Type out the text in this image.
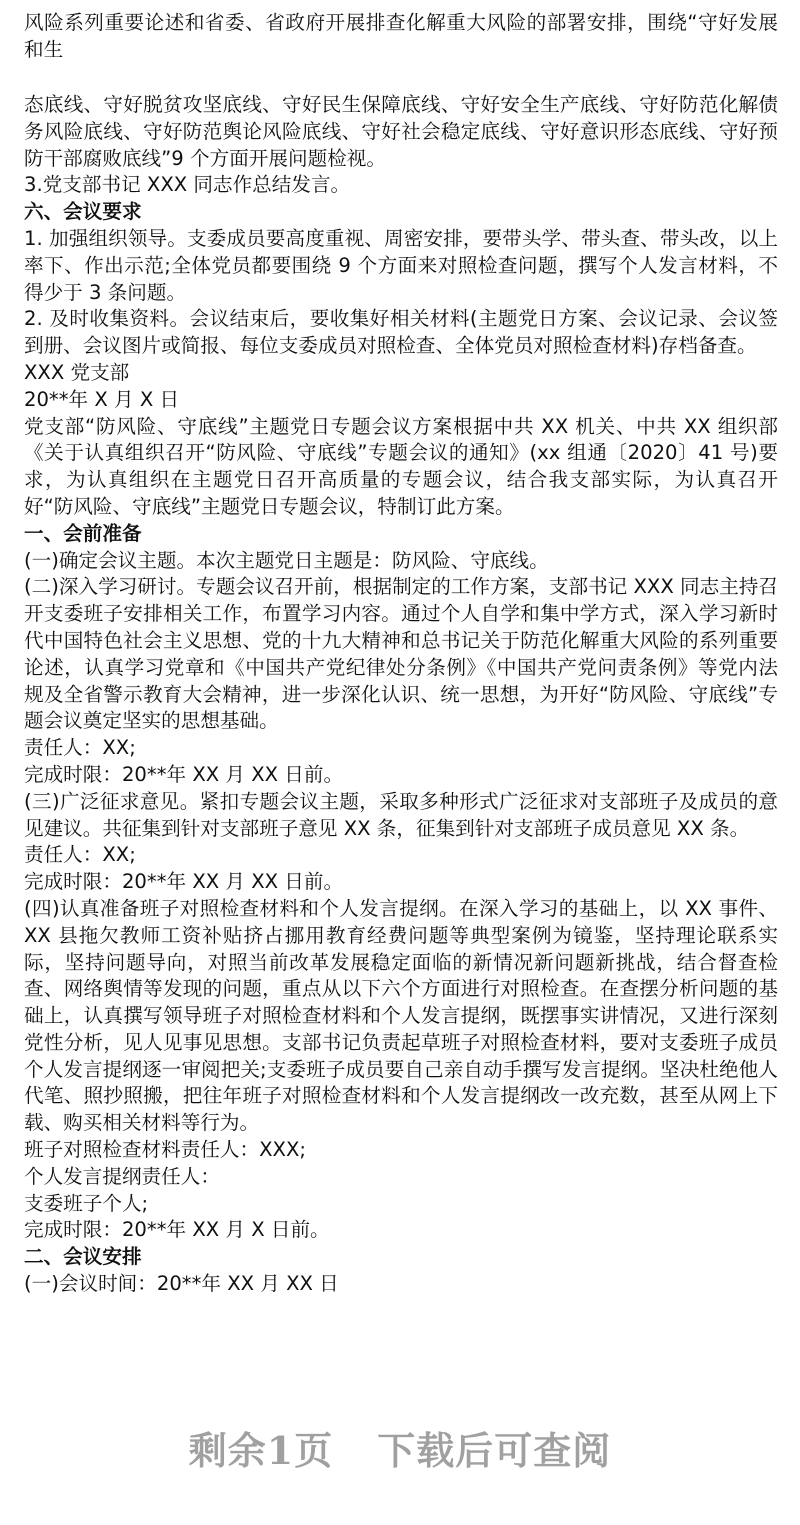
风险系列重要论述和省委、省政府开展排查化解重大风险的部署安排，围绕“守好发展和生

态底线、守好脱贫攻坚底线、守好民生保障底线、守好安全生产底线、守好防范化解债务风险底线、守好防范舆论风险底线、守好社会稳定底线、守好意识形态底线、守好预防干部腐败底线”9 个方面开展问题检视。

3.党支部书记 XXX 同志作总结发言。

六、会议要求

1. 加强组织领导。支委成员要高度重视、周密安排，要带头学、带头查、带头改，以上率下、作出示范;全体党员都要围绕 9 个方面来对照检查问题，撰写个人发言材料，不得少于 3 条问题。

2. 及时收集资料。会议结束后，要收集好相关材料(主题党日方案、会议记录、会议签到册、会议图片或简报、每位支委成员对照检查、全体党员对照检查材料)存档备查。

XXX 党支部

20**年 X 月 X 日

党支部“防风险、守底线”主题党日专题会议方案根据中共 XX 机关、中共 XX 组织部《关于认真组织召开“防风险、守底线”专题会议的通知》(xx 组通〔2020〕41 号)要求，为认真组织在主题党日召开高质量的专题会议，结合我支部实际，为认真召开好“防风险、守底线”主题党日专题会议，特制订此方案。

一、会前准备

(一)确定会议主题。本次主题党日主题是：防风险、守底线。

(二)深入学习研讨。专题会议召开前，根据制定的工作方案，支部书记 XXX 同志主持召开支委班子安排相关工作，布置学习内容。通过个人自学和集中学方式，深入学习新时代中国特色社会主义思想、党的十九大精神和总书记关于防范化解重大风险的系列重要论述，认真学习党章和《中国共产党纪律处分条例》《中国共产党问责条例》等党内法规及全省警示教育大会精神，进一步深化认识、统一思想，为开好“防风险、守底线”专题会议奠定坚实的思想基础。

责任人：XX;

完成时限：20**年 XX 月 XX 日前。

(三)广泛征求意见。紧扣专题会议主题，采取多种形式广泛征求对支部班子及成员的意见建议。共征集到针对支部班子意见 XX 条，征集到针对支部班子成员意见 XX 条。

责任人：XX;

完成时限：20**年 XX 月 XX 日前。

(四)认真准备班子对照检查材料和个人发言提纲。在深入学习的基础上，以 XX 事件、XX 县拖欠教师工资补贴挤占挪用教育经费问题等典型案例为镜鉴，坚持理论联系实际，坚持问题导向，对照当前改革发展稳定面临的新情况新问题新挑战，结合督查检查、网络舆情等发现的问题，重点从以下六个方面进行对照检查。在查摆分析问题的基础上，认真撰写领导班子对照检查材料和个人发言提纲，既摆事实讲情况，又进行深刻党性分析，见人见事见思想。支部书记负责起草班子对照检查材料，要对支委班子成员个人发言提纲逐一审阅把关;支委班子成员要自己亲自动手撰写发言提纲。坚决杜绝他人代笔、照抄照搬，把往年班子对照检查材料和个人发言提纲改一改充数，甚至从网上下载、购买相关材料等行为。

班子对照检查材料责任人：XXX;

个人发言提纲责任人：

支委班子个人;

完成时限：20**年 XX 月 X 日前。

二、会议安排

(一)会议时间：20**年 XX 月 XX 日

剩余1页 下载后可查阅
